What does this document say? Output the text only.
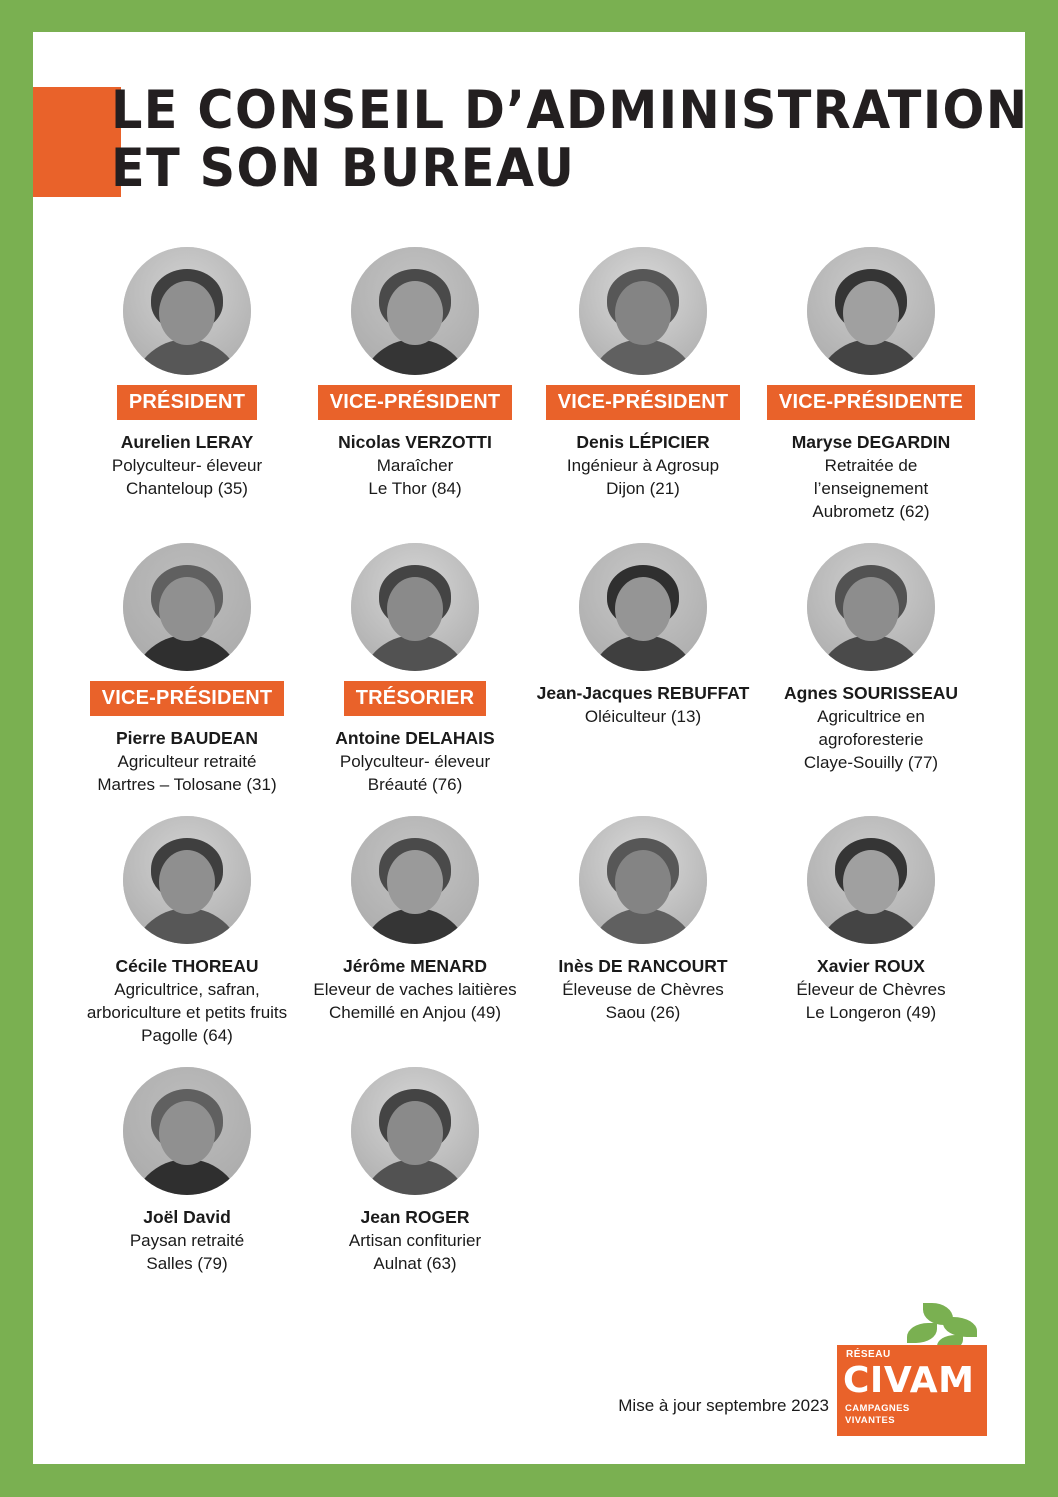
LE CONSEIL D’ADMINISTRATION
ET SON BUREAU
PRÉSIDENT
Aurelien LERAY
Polyculteur- éleveur
Chanteloup (35)
VICE-PRÉSIDENT
Nicolas VERZOTTI
Maraîcher
Le Thor (84)
VICE-PRÉSIDENT
Denis LÉPICIER
Ingénieur à Agrosup
Dijon (21)
VICE-PRÉSIDENTE
Maryse DEGARDIN
Retraitée de
l’enseignement
Aubrometz (62)
VICE-PRÉSIDENT
Pierre BAUDEAN
Agriculteur retraité
Martres – Tolosane (31)
TRÉSORIER
Antoine DELAHAIS
Polyculteur- éleveur
Bréauté (76)
Jean-Jacques REBUFFAT
Oléiculteur (13)
Agnes SOURISSEAU
Agricultrice en
agroforesterie
Claye-Souilly (77)
Cécile THOREAU
Agricultrice, safran,
arboriculture et petits fruits
Pagolle (64)
Jérôme MENARD
Eleveur de vaches laitières
Chemillé en Anjou (49)
Inès DE RANCOURT
Éleveuse de Chèvres
Saou (26)
Xavier ROUX
Éleveur de Chèvres
Le Longeron (49)
Joël David
Paysan retraité
Salles (79)
Jean ROGER
Artisan confiturier
Aulnat (63)
Mise à jour septembre 2023
RÉSEAU
CIVAM
CAMPAGNES
VIVANTES
